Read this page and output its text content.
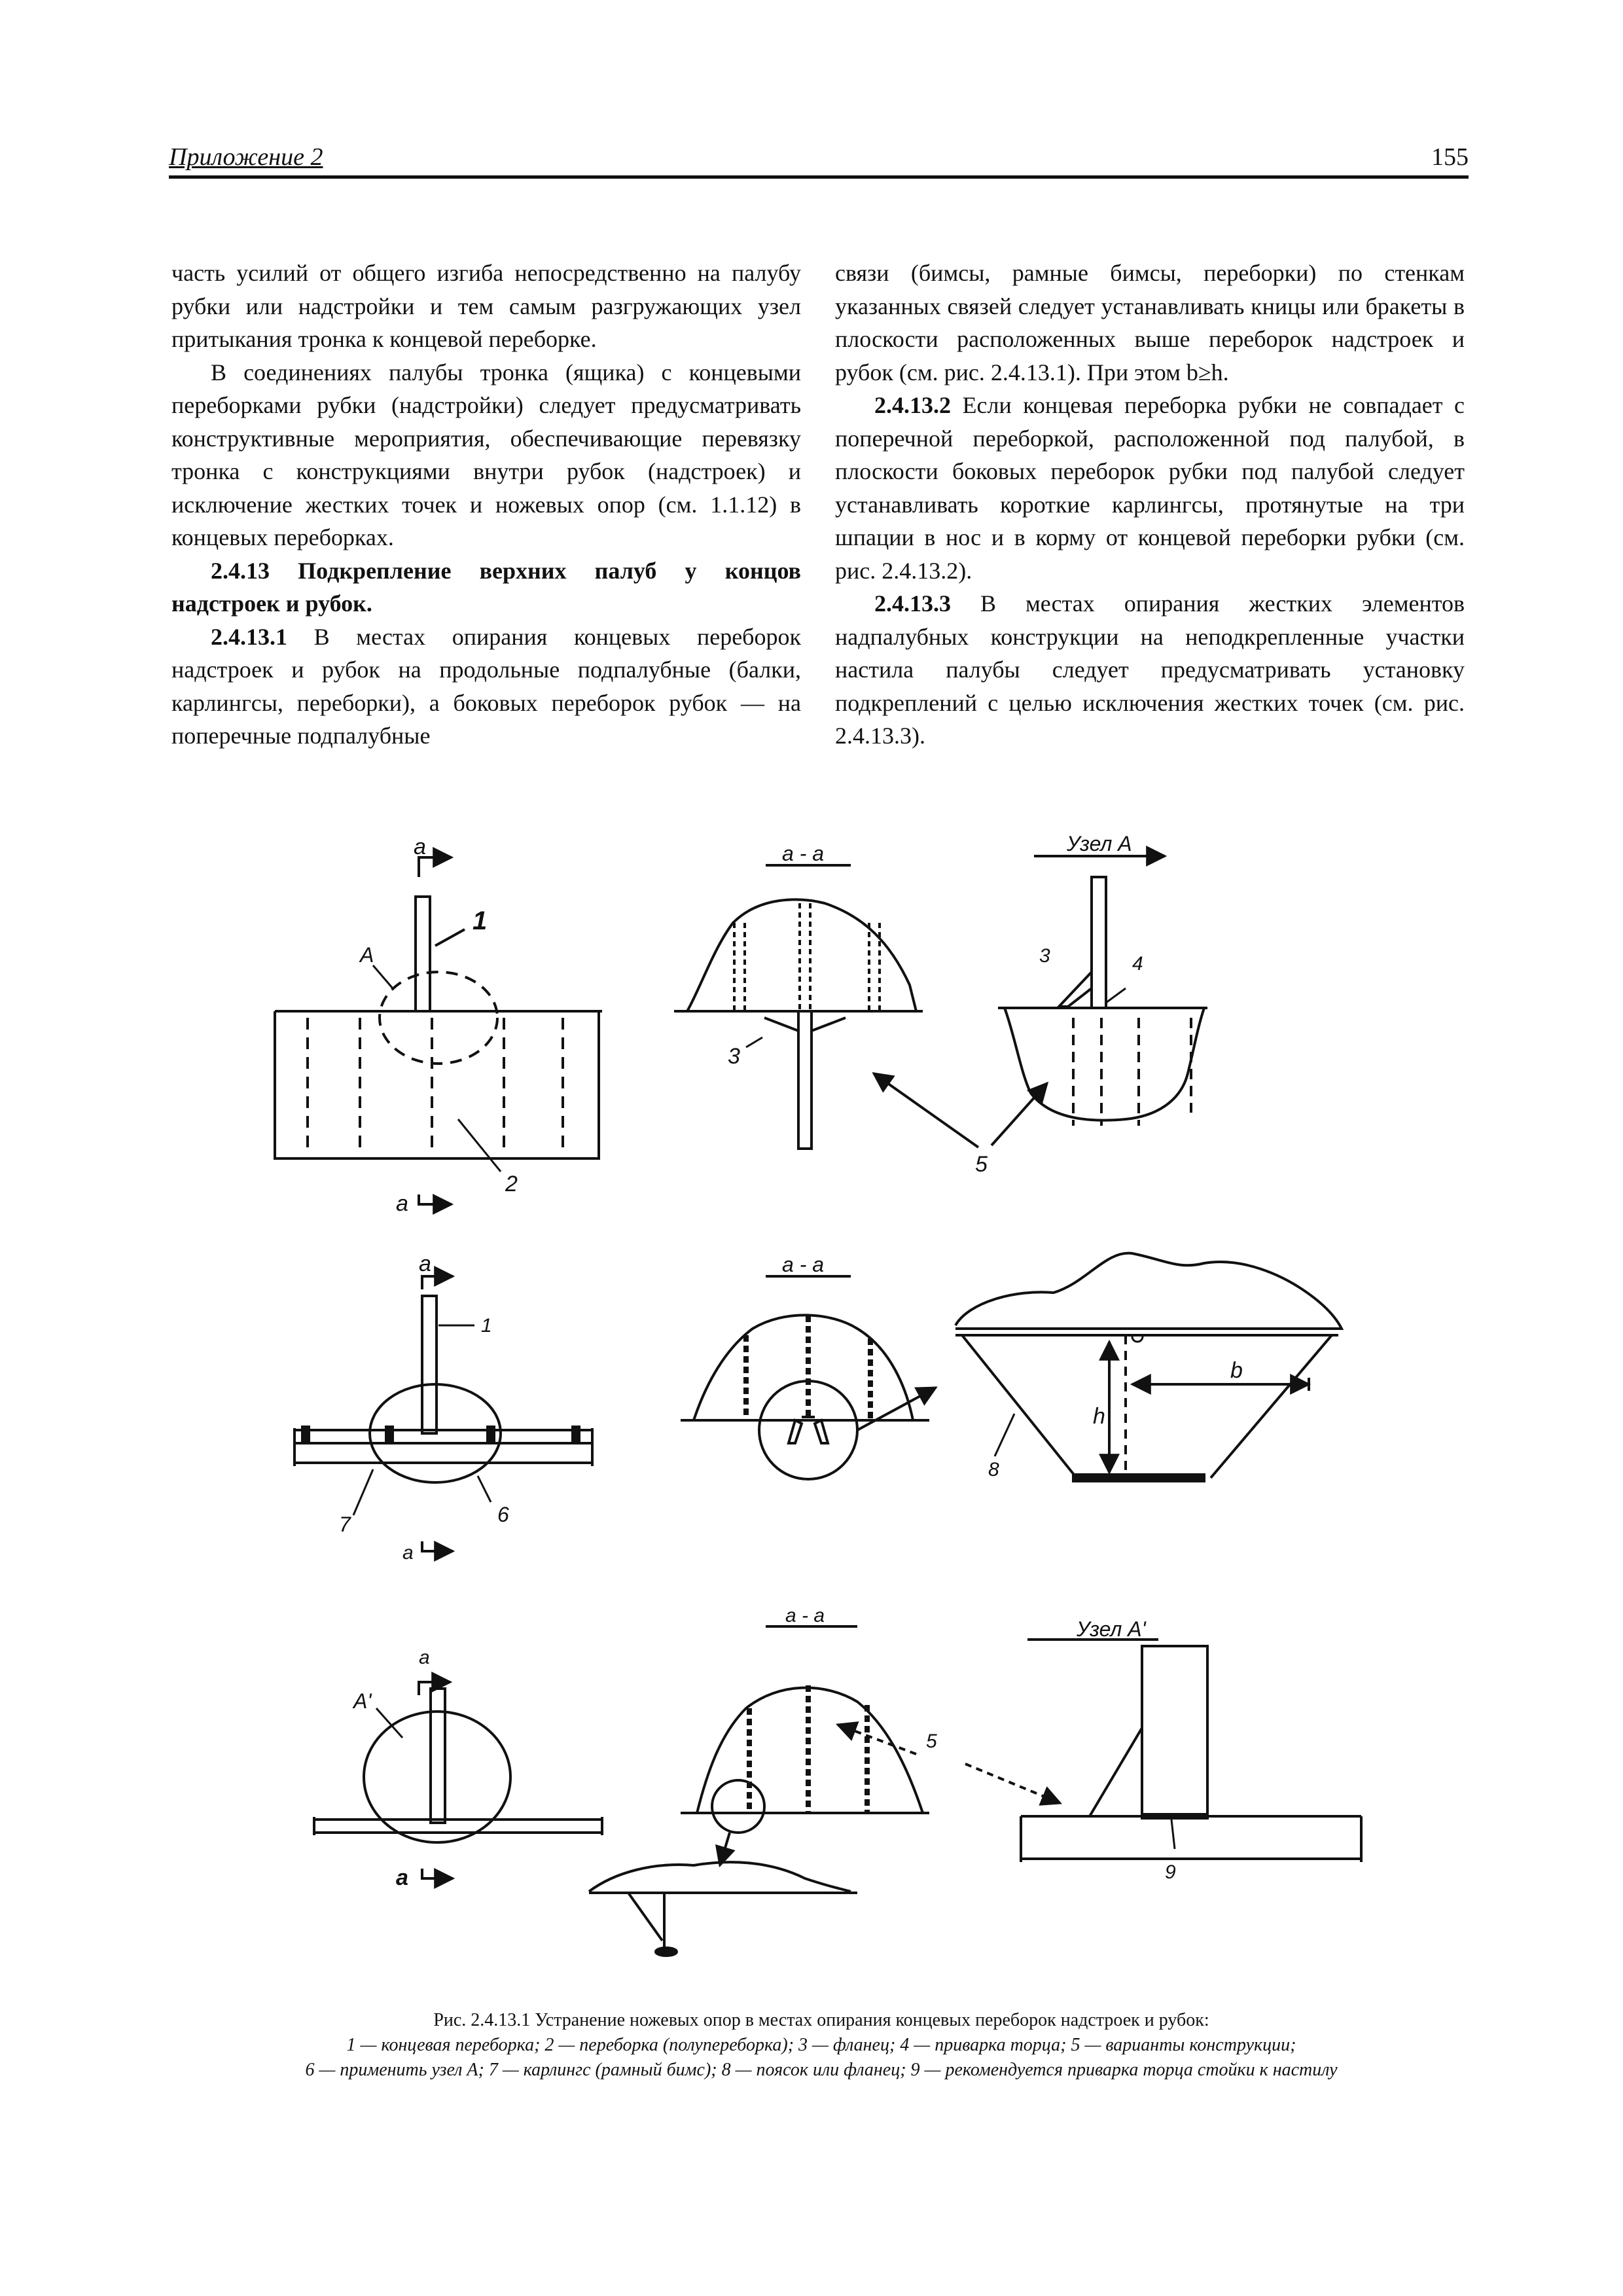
Приложение 2	155

часть усилий от общего изгиба непосредственно на палубу рубки или надстройки и тем самым разгружающих узел притыкания тронка к концевой переборке.

В соединениях палубы тронка (ящика) с концевыми переборками рубки (надстройки) следует предусматривать конструктивные мероприятия, обеспечивающие перевязку тронка с конструкциями внутри рубок (надстроек) и исключение жестких точек и ножевых опор (см. 1.1.12) в концевых переборках.

2.4.13 Подкрепление верхних палуб у концов надстроек и рубок.

2.4.13.1 В местах опирания концевых переборок надстроек и рубок на продольные подпалубные (балки, карлингсы, переборки), а боковых переборок рубок — на поперечные подпалубные

связи (бимсы, рамные бимсы, переборки) по стенкам указанных связей следует устанавливать кницы или бракеты в плоскости расположенных выше переборок надстроек и рубок (см. рис. 2.4.13.1). При этом b≥h.

2.4.13.2 Если концевая переборка рубки не совпадает с поперечной переборкой, расположенной под палубой, в плоскости боковых переборок рубки под палубой следует устанавливать короткие карлингсы, протянутые на три шпации в нос и в корму от концевой переборки рубки (см. рис. 2.4.13.2).

2.4.13.3 В местах опирания жестких элементов надпалубных конструкции на неподкрепленные участки настила палубы следует предусматривать установку подкреплений с целью исключения жестких точек (см. рис. 2.4.13.3).

а
1
А
2
а
а - а
3
Узел А
3	4
5
а
1
7	6
а
а - а
h
b
8
а
А'
а
а - а
5
Узел А'
9

Рис. 2.4.13.1 Устранение ножевых опор в местах опирания концевых переборок надстроек и рубок:

1 — концевая переборка; 2 — переборка (полупереборка); 3 — фланец; 4 — приварка торца; 5 — варианты конструкции;

6 — применить узел А; 7 — карлингс (рамный бимс); 8 — поясок или фланец; 9 — рекомендуется приварка торца стойки к настилу
